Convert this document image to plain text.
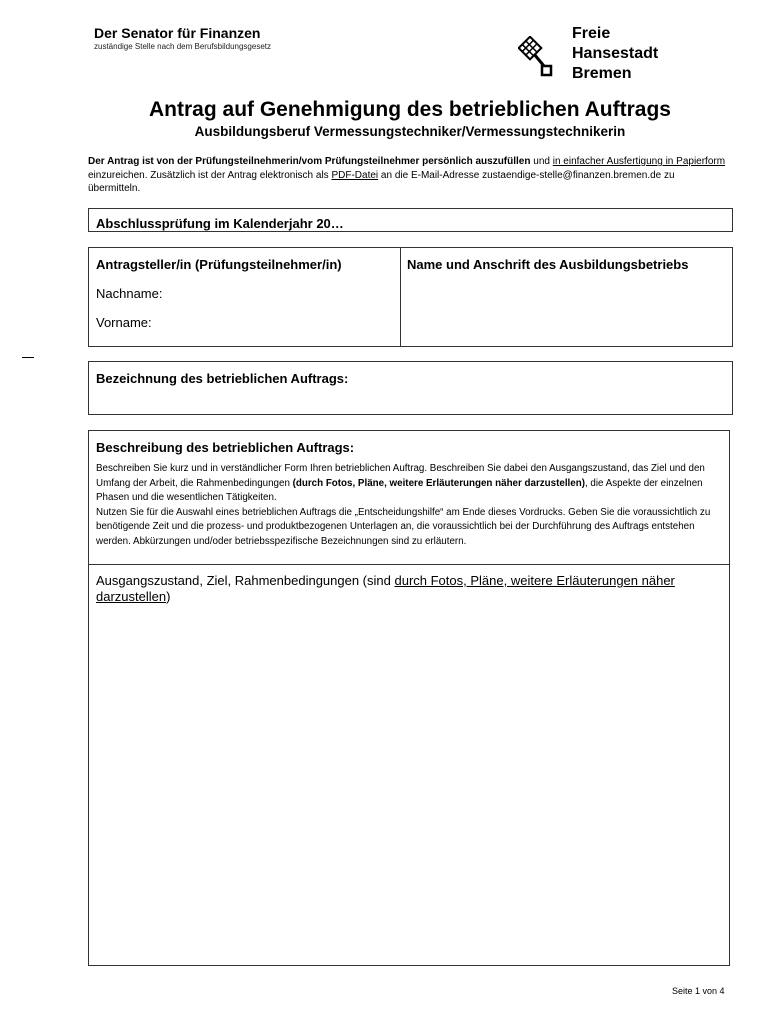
Der Senator für Finanzen
zuständige Stelle nach dem Berufsbildungsgesetz
Freie
Hansestadt
Bremen
Antrag auf Genehmigung des betrieblichen Auftrags
Ausbildungsberuf Vermessungstechniker/Vermessungstechnikerin
Der Antrag ist von der Prüfungsteilnehmerin/vom Prüfungsteilnehmer persönlich auszufüllen und in einfacher Ausfertigung in Papierform einzureichen. Zusätzlich ist der Antrag elektronisch als PDF-Datei an die E-Mail-Adresse zustaendige-stelle@finanzen.bremen.de zu übermitteln.
Abschlussprüfung im Kalenderjahr 20…
Antragsteller/in (Prüfungsteilnehmer/in)
Nachname:
Vorname:
Name und Anschrift des Ausbildungsbetriebs
Bezeichnung des betrieblichen Auftrags:
Beschreibung des betrieblichen Auftrags:
Beschreiben Sie kurz und in verständlicher Form Ihren betrieblichen Auftrag. Beschreiben Sie dabei den Ausgangszustand, das Ziel und den Umfang der Arbeit, die Rahmenbedingungen (durch Fotos, Pläne, weitere Erläuterungen näher darzustellen), die Aspekte der einzelnen Phasen und die wesentlichen Tätigkeiten.
Nutzen Sie für die Auswahl eines betrieblichen Auftrags die „Entscheidungshilfe“ am Ende dieses Vordrucks. Geben Sie die voraussichtlich zu benötigende Zeit und die prozess- und produktbezogenen Unterlagen an, die voraussichtlich bei der Durchführung des Auftrags entstehen werden. Abkürzungen und/oder betriebsspezifische Bezeichnungen sind zu erläutern.
Ausgangszustand, Ziel, Rahmenbedingungen (sind durch Fotos, Pläne, weitere Erläuterungen näher darzustellen)
Seite 1 von 4
